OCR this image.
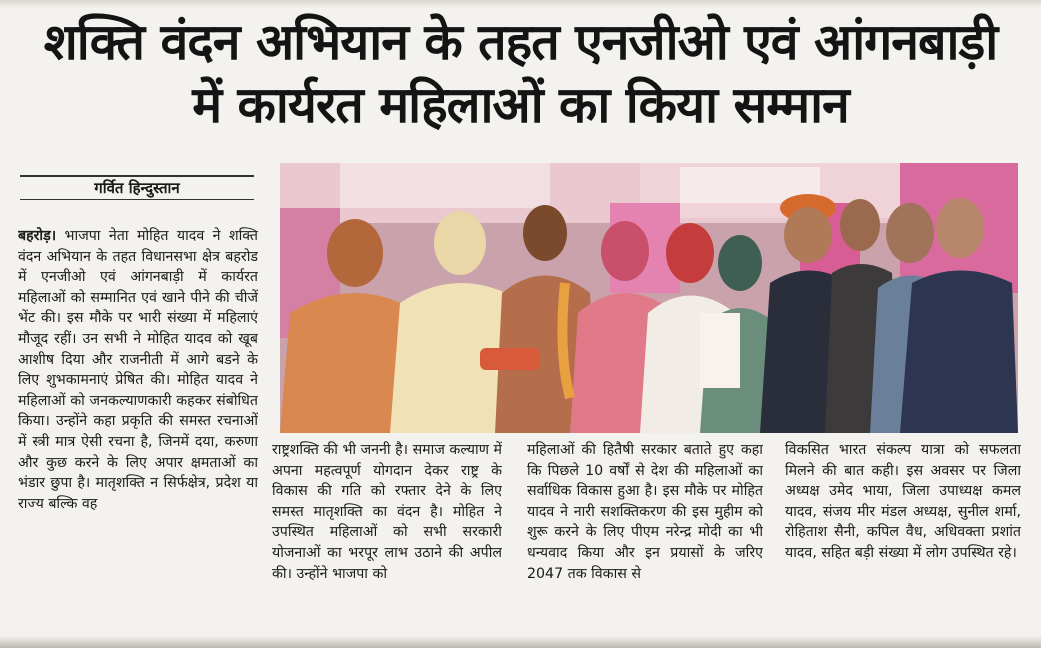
शक्ति वंदन अभियान के तहत एनजीओ एवं आंगनबाड़ी
में कार्यरत महिलाओं का किया सम्मान
गर्वित हिन्दुस्तान
बहरोड़। भाजपा नेता मोहित यादव ने शक्ति वंदन अभियान के तहत विधानसभा क्षेत्र बहरोड में एनजीओ एवं आंगनबाड़ी में कार्यरत महिलाओं को सम्मानित एवं खाने पीने की चीजें भेंट की। इस मौके पर भारी संख्या में महिलाएं मौजूद रहीं। उन सभी ने मोहित यादव को खूब आशीष दिया और राजनीती में आगे बडने के लिए शुभकामनाएं प्रेषित की। मोहित यादव ने महिलाओं को जनकल्याणकारी कहकर संबोधित किया। उन्होंने कहा प्रकृति की समस्त रचनाओं में स्त्री मात्र ऐसी रचना है, जिनमें दया, करुणा और कुछ करने के लिए अपार क्षमताओं का भंडार छुपा है। मातृशक्ति न सिर्फक्षेत्र, प्रदेश या राज्य बल्कि वह
राष्ट्रशक्ति की भी जननी है। समाज कल्याण में अपना महत्वपूर्ण योगदान देकर राष्ट्र के विकास की गति को रफ्तार देने के लिए समस्त मातृशक्ति का वंदन है। मोहित ने उपस्थित महिलाओं को सभी सरकारी योजनाओं का भरपूर लाभ उठाने की अपील की। उन्होंने भाजपा को
महिलाओं की हितैषी सरकार बताते हुए कहा कि पिछले 10 वर्षों से देश की महिलाओं का सर्वाधिक विकास हुआ है। इस मौके पर मोहित यादव ने नारी सशक्तिकरण की इस मुहीम को शुरू करने के लिए पीएम नरेन्द्र मोदी का भी धन्यवाद किया और इन प्रयासों के जरिए 2047 तक विकास से
विकसित भारत संकल्प यात्रा को सफलता मिलने की बात कही। इस अवसर पर जिला अध्यक्ष उमेद भाया, जिला उपाध्यक्ष कमल यादव, संजय मीर मंडल अध्यक्ष, सुनील शर्मा, रोहिताश सैनी, कपिल वैध, अधिवक्ता प्रशांत यादव, सहित बड़ी संख्या में लोग उपस्थित रहे।
